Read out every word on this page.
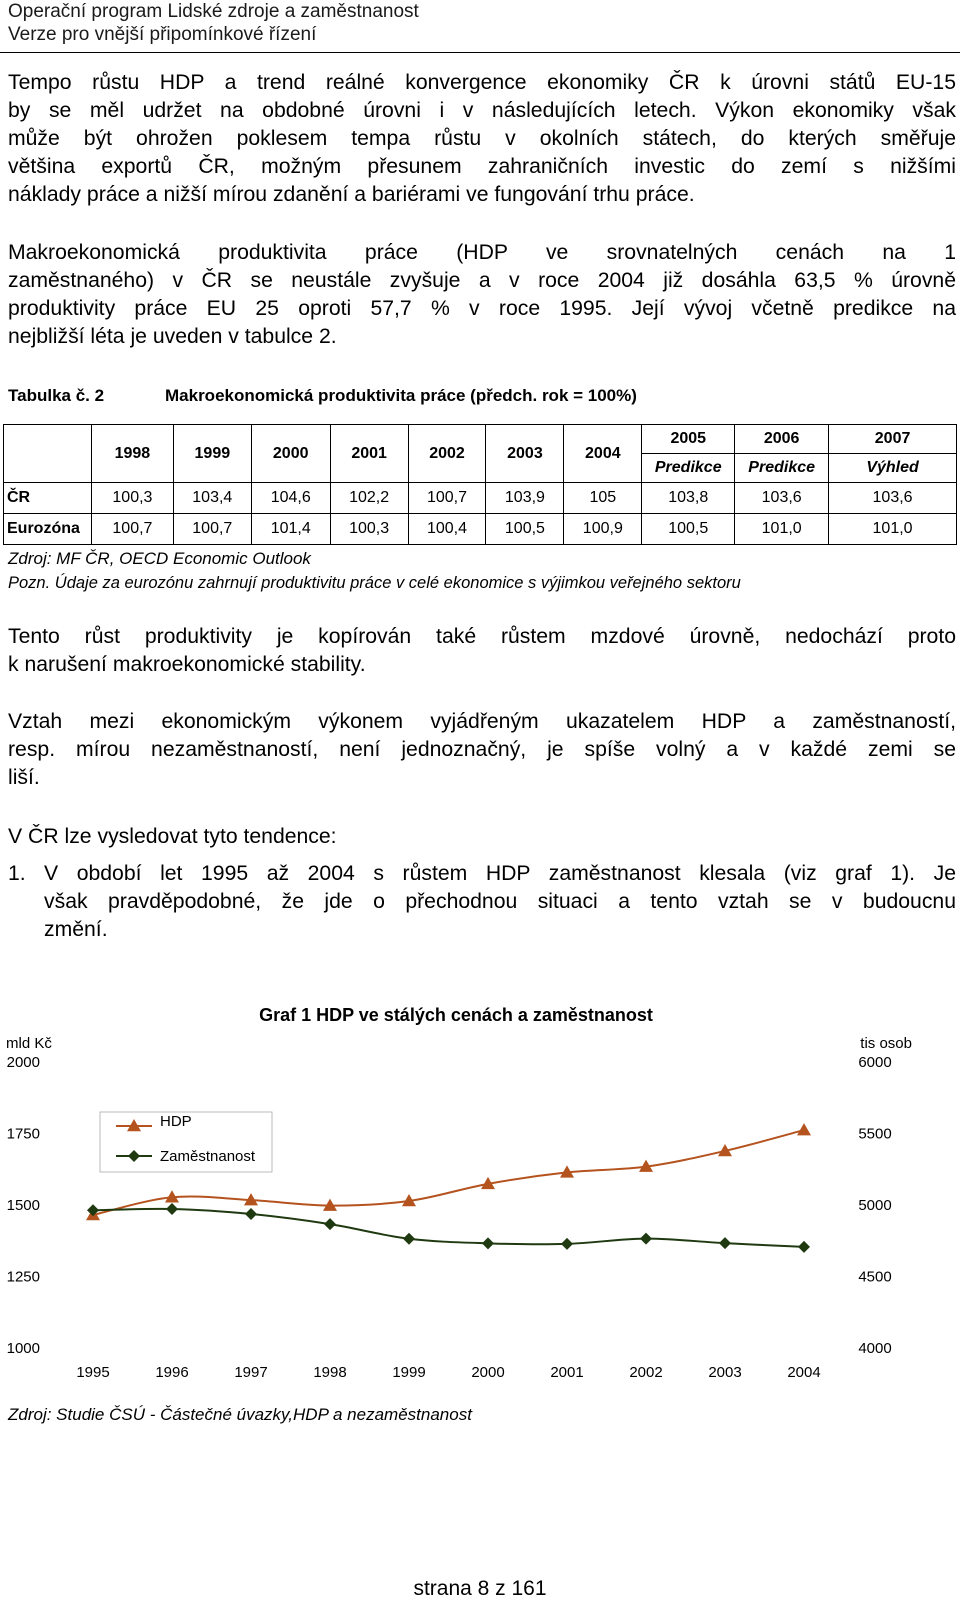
Operační program Lidské zdroje a zaměstnanost
Verze pro vnější připomínkové řízení
Tempo růstu HDP a trend reálné konvergence ekonomiky ČR k úrovni států EU-15
by se měl udržet na obdobné úrovni i v následujících letech. Výkon ekonomiky však
může být ohrožen poklesem tempa růstu v okolních státech, do kterých směřuje
většina exportů ČR, možným přesunem zahraničních investic do zemí s nižšími
náklady práce a nižší mírou zdanění a bariérami ve fungování trhu práce.
Makroekonomická produktivita práce (HDP ve srovnatelných cenách na 1
zaměstnaného) v ČR se neustále zvyšuje a v roce 2004 již dosáhla 63,5 % úrovně
produktivity práce EU 25 oproti 57,7 % v roce 1995. Její vývoj včetně predikce na
nejbližší léta je uveden v tabulce 2.
Tabulka č. 2	Makroekonomická produktivita práce (předch. rok = 100%)
	1998	1999	2000	2001	2002	2003	2004	2005	2006	2007
								Predikce	Predikce	Výhled
ČR	100,3	103,4	104,6	102,2	100,7	103,9	105	103,8	103,6	103,6
Eurozóna	100,7	100,7	101,4	100,3	100,4	100,5	100,9	100,5	101,0	101,0
Zdroj: MF ČR, OECD Economic Outlook
Pozn. Údaje za eurozónu zahrnují produktivitu práce v celé ekonomice s výjimkou veřejného sektoru
Tento růst produktivity je kopírován také růstem mzdové úrovně, nedochází proto
k narušení makroekonomické stability.
Vztah mezi ekonomickým výkonem vyjádřeným ukazatelem HDP a zaměstnaností,
resp. mírou nezaměstnaností, není jednoznačný, je spíše volný a v každé zemi se
liší.
V ČR lze vysledovat tyto tendence:
1. V období let 1995 až 2004 s růstem HDP zaměstnanost klesala (viz graf 1). Je
však pravděpodobné, že jde o přechodnou situaci a tento vztah se v budoucnu
změní.
Graf 1 HDP ve stálých cenách a zaměstnanost
mld Kč	tis osob
2000
1750
1500
1250
1000
6000
5500
5000
4500
4000
1995	1996	1997	1998	1999	2000	2001	2002	2003	2004
HDP
Zaměstnanost
Zdroj: Studie ČSÚ - Částečné úvazky,HDP a nezaměstnanost
strana 8 z 161
